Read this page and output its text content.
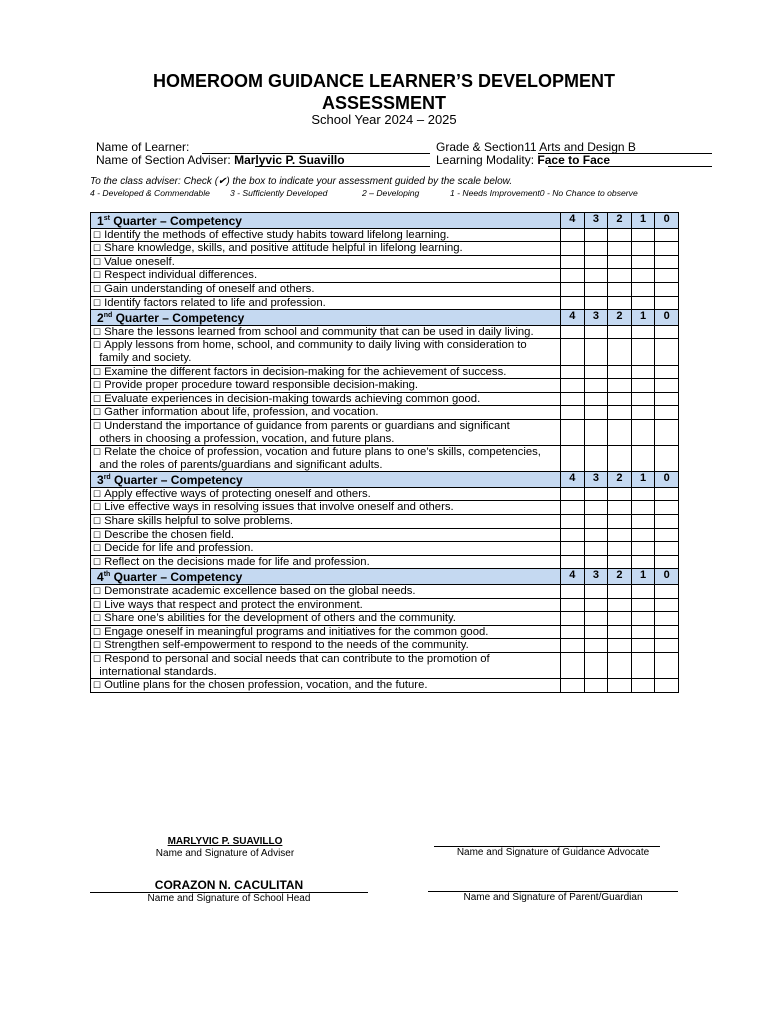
HOMEROOM GUIDANCE LEARNER’S DEVELOPMENT
ASSESSMENT
School Year 2024 – 2025
Name of Learner:	Grade & Section11 Arts and Design B
Name of Section Adviser: Marlyvic P. Suavillo	Learning Modality: Face to Face
To the class adviser: Check (✔) the box to indicate your assessment guided by the scale below.
4 - Developed & Commendable 3 - Sufficiently Developed	2 – Developing	1 - Needs Improvement0 - No Chance to observe
1st Quarter – Competency	4	3	2	1	0
☐ Identify the methods of effective study habits toward lifelong learning.					
☐ Share knowledge, skills, and positive attitude helpful in lifelong learning.					
☐ Value oneself.					
☐ Respect individual differences.					
☐ Gain understanding of oneself and others.					
☐ Identify factors related to life and profession.					
2nd Quarter – Competency	4	3	2	1	0
☐ Share the lessons learned from school and community that can be used in daily living.					
☐ Apply lessons from home, school, and community to daily living with consideration to
family and society.					
☐ Examine the different factors in decision-making for the achievement of success.					
☐ Provide proper procedure toward responsible decision-making.					
☐ Evaluate experiences in decision-making towards achieving common good.					
☐ Gather information about life, profession, and vocation.					
☐ Understand the importance of guidance from parents or guardians and significant
others in choosing a profession, vocation, and future plans.					
☐ Relate the choice of profession, vocation and future plans to one’s skills, competencies,
and the roles of parents/guardians and significant adults.					
3rd Quarter – Competency	4	3	2	1	0
☐ Apply effective ways of protecting oneself and others.					
☐ Live effective ways in resolving issues that involve oneself and others.					
☐ Share skills helpful to solve problems.					
☐ Describe the chosen field.					
☐ Decide for life and profession.					
☐ Reflect on the decisions made for life and profession.					
4th Quarter – Competency	4	3	2	1	0
☐ Demonstrate academic excellence based on the global needs.					
☐ Live ways that respect and protect the environment.					
☐ Share one’s abilities for the development of others and the community.					
☐ Engage oneself in meaningful programs and initiatives for the common good.					
☐ Strengthen self-empowerment to respond to the needs of the community.					
☐ Respond to personal and social needs that can contribute to the promotion of
international standards.					
☐ Outline plans for the chosen profession, vocation, and the future.					
MARLYVIC P. SUAVILLO
Name and Signature of Adviser	Name and Signature of Guidance Advocate
CORAZON N. CACULITAN
Name and Signature of School Head	Name and Signature of Parent/Guardian
